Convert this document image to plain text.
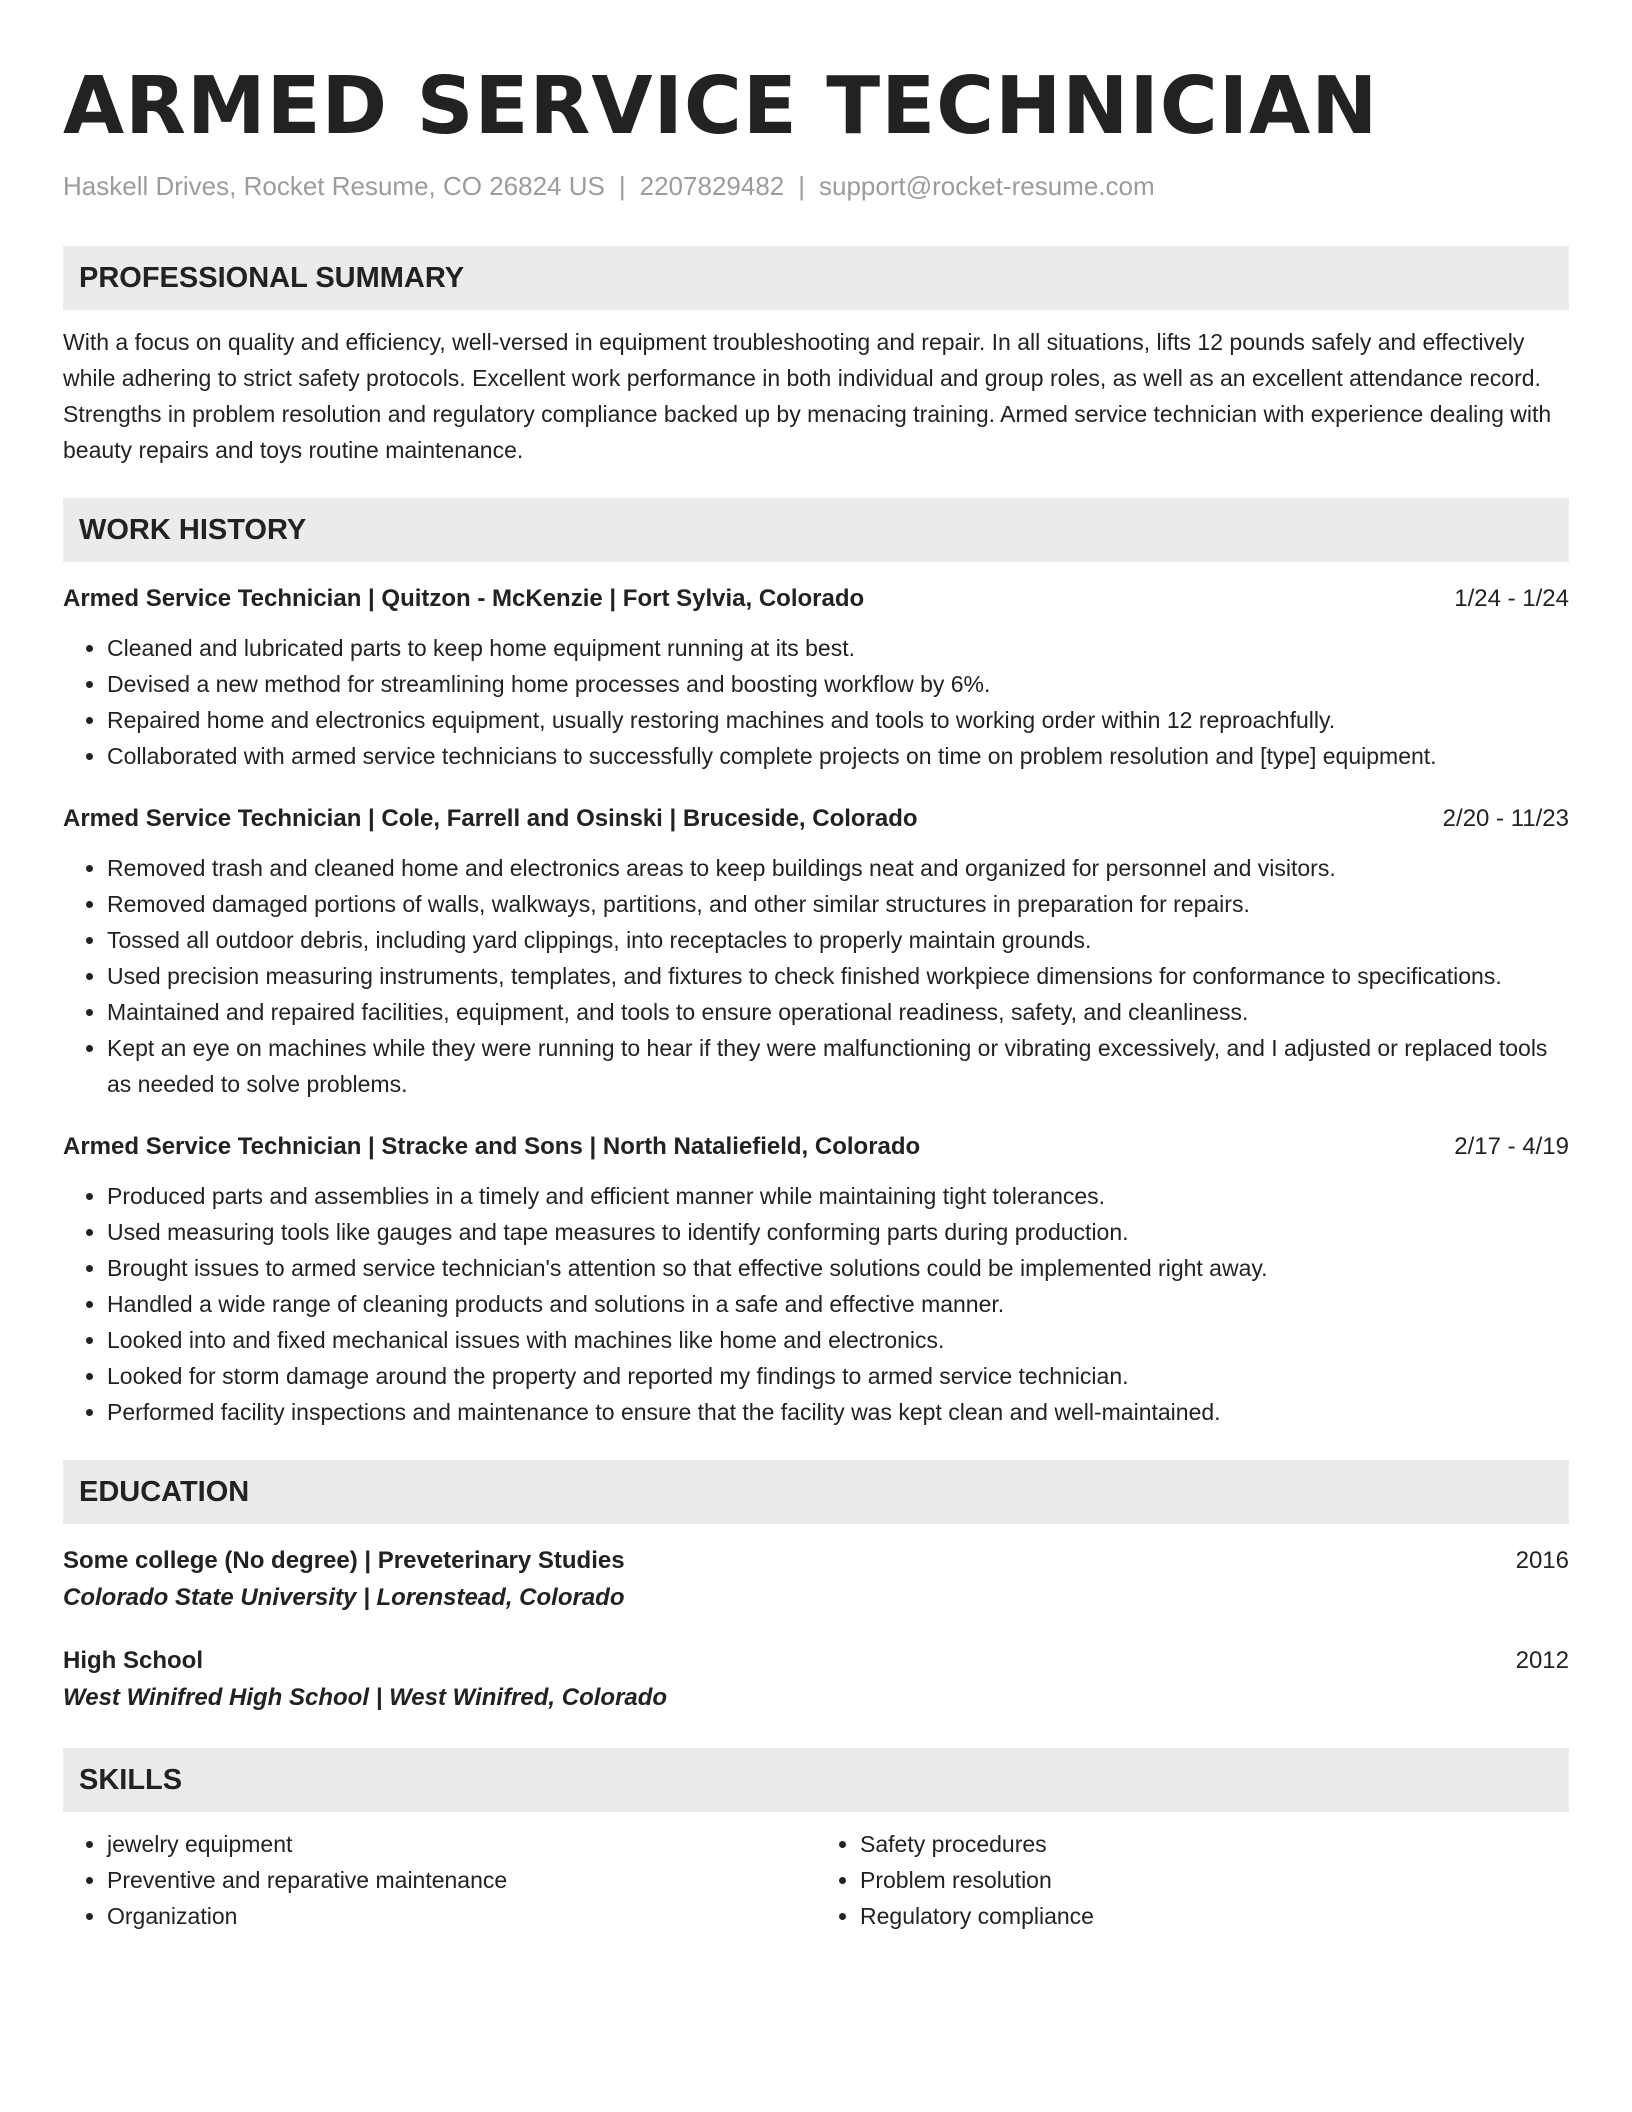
ARMED SERVICE TECHNICIAN
Haskell Drives, Rocket Resume, CO 26824 US | 2207829482 | support@rocket-resume.com
PROFESSIONAL SUMMARY
With a focus on quality and efficiency, well-versed in equipment troubleshooting and repair. In all situations, lifts 12 pounds safely and effectively while adhering to strict safety protocols. Excellent work performance in both individual and group roles, as well as an excellent attendance record. Strengths in problem resolution and regulatory compliance backed up by menacing training. Armed service technician with experience dealing with beauty repairs and toys routine maintenance.
WORK HISTORY
Armed Service Technician | Quitzon - McKenzie | Fort Sylvia, Colorado	1/24 - 1/24
• Cleaned and lubricated parts to keep home equipment running at its best.
• Devised a new method for streamlining home processes and boosting workflow by 6%.
• Repaired home and electronics equipment, usually restoring machines and tools to working order within 12 reproachfully.
• Collaborated with armed service technicians to successfully complete projects on time on problem resolution and [type] equipment.
Armed Service Technician | Cole, Farrell and Osinski | Bruceside, Colorado	2/20 - 11/23
• Removed trash and cleaned home and electronics areas to keep buildings neat and organized for personnel and visitors.
• Removed damaged portions of walls, walkways, partitions, and other similar structures in preparation for repairs.
• Tossed all outdoor debris, including yard clippings, into receptacles to properly maintain grounds.
• Used precision measuring instruments, templates, and fixtures to check finished workpiece dimensions for conformance to specifications.
• Maintained and repaired facilities, equipment, and tools to ensure operational readiness, safety, and cleanliness.
• Kept an eye on machines while they were running to hear if they were malfunctioning or vibrating excessively, and I adjusted or replaced tools as needed to solve problems.
Armed Service Technician | Stracke and Sons | North Nataliefield, Colorado	2/17 - 4/19
• Produced parts and assemblies in a timely and efficient manner while maintaining tight tolerances.
• Used measuring tools like gauges and tape measures to identify conforming parts during production.
• Brought issues to armed service technician's attention so that effective solutions could be implemented right away.
• Handled a wide range of cleaning products and solutions in a safe and effective manner.
• Looked into and fixed mechanical issues with machines like home and electronics.
• Looked for storm damage around the property and reported my findings to armed service technician.
• Performed facility inspections and maintenance to ensure that the facility was kept clean and well-maintained.
EDUCATION
Some college (No degree) | Preveterinary Studies	2016
Colorado State University | Lorenstead, Colorado
High School	2012
West Winifred High School | West Winifred, Colorado
SKILLS
• jewelry equipment
• Preventive and reparative maintenance
• Organization
• Safety procedures
• Problem resolution
• Regulatory compliance
